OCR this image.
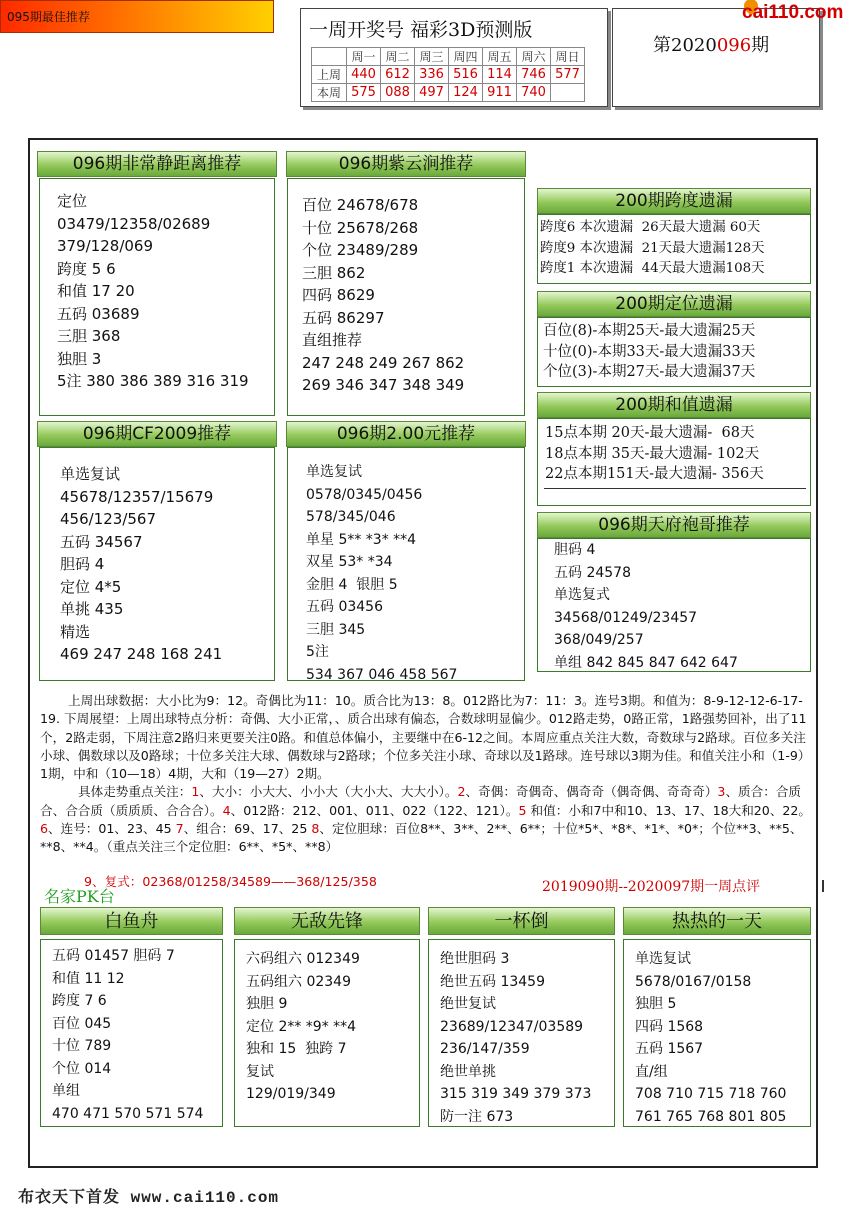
一周开奖号 福彩3D预测版
	周一	周二	周三	周四	周五	周六	周日
上周	440	612	336	516	114	746	577
本周	575	088	497	124	911	740	
第2020096期
cai110.com
096期非常静距离推荐
定位
03479/12358/02689
379/128/069
跨度 5 6
和值 17 20
五码 03689
三胆 368
独胆 3
5注 380 386 389 316 319
096期紫云涧推荐
百位 24678/678
十位 25678/268
个位 23489/289
三胆 862
四码 8629
五码 86297
直组推荐
247 248 249 267 862
269 346 347 348 349
095期最佳推荐
200期跨度遗漏
跨度6 本次遗漏  26天最大遗漏 60天
跨度9 本次遗漏  21天最大遗漏128天
跨度1 本次遗漏  44天最大遗漏108天
200期定位遗漏
百位(8)-本期25天-最大遗漏25天
十位(0)-本期33天-最大遗漏33天
个位(3)-本期27天-最大遗漏37天
200期和值遗漏
15点本期 20天-最大遗漏-  68天
18点本期 35天-最大遗漏- 102天
22点本期151天-最大遗漏- 356天
096期CF2009推荐
单选复试
45678/12357/15679
456/123/567
五码 34567
胆码 4
定位 4*5
单挑 435
精选
469 247 248 168 241
096期2.00元推荐
单选复试
0578/0345/0456
578/345/046
单星 5** *3* **4
双星 53* *34
金胆 4  银胆 5
五码 03456
三胆 345
5注
534 367 046 458 567
096期天府袍哥推荐
胆码 4
五码 24578
单选复式
34568/01249/23457
368/049/257
单组 842 845 847 642 647

上周出球数据：大小比为9：12。奇偶比为11：10。质合比为13：8。012路比为7：11：3。连号3期。和值为：8-9-12-12-6-17-19. 下周展望：上周出球特点分析：奇偶、大小正常，、质合出球有偏态，合数球明显偏少。012路走势，0路正常，1路强势回补，出了11个，2路走弱，下周注意2路归来更要关注0路。和值总体偏小，主要继中在6-12之间。本周应重点关注大数，奇数球与2路球。百位多关注小球、偶数球以及0路球；十位多关注大球、偶数球与2路球；个位多关注小球、奇球以及1路球。连号球以3期为佳。和值关注小和（1-9）1期，中和（10—18）4期，大和（19—27）2期。

具体走势重点关注：1、大小：小大大、小小大（大小大、大大小）。2、奇偶：奇偶奇、偶奇奇（偶奇偶、奇奇奇）3、质合：合质合、合合质（质质质、合合合）。4、012路：212、001、011、022（122、121）。5 和值：小和7中和10、13、17、18大和20、22。6、连号：01、23、45 7、组合：69、17、25 8、定位胆球：百位8**、3**、2**、6**；十位*5*、*8*、*1*、*0*；个位**3、**5、**8、**4。（重点关注三个定位胆：6**、*5*、**8）

9、复式：02368/01258/34589——368/125/358
名家PK台	2019090期--2020097期一周点评
白鱼舟
五码 01457 胆码 7
和值 11 12
跨度 7 6
百位 045
十位 789
个位 014
单组
470 471 570 571 574
无敌先锋
六码组六 012349
五码组六 02349
独胆 9
定位 2** *9* **4
独和 15  独跨 7
复试
129/019/349
一杯倒
绝世胆码 3
绝世五码 13459
绝世复试
23689/12347/03589
236/147/359
绝世单挑
315 319 349 379 373
防一注 673
热热的一天
单选复试
5678/0167/0158
独胆 5
四码 1568
五码 1567
直/组
708 710 715 718 760
761 765 768 801 805
布衣天下首发 www.cai110.com
